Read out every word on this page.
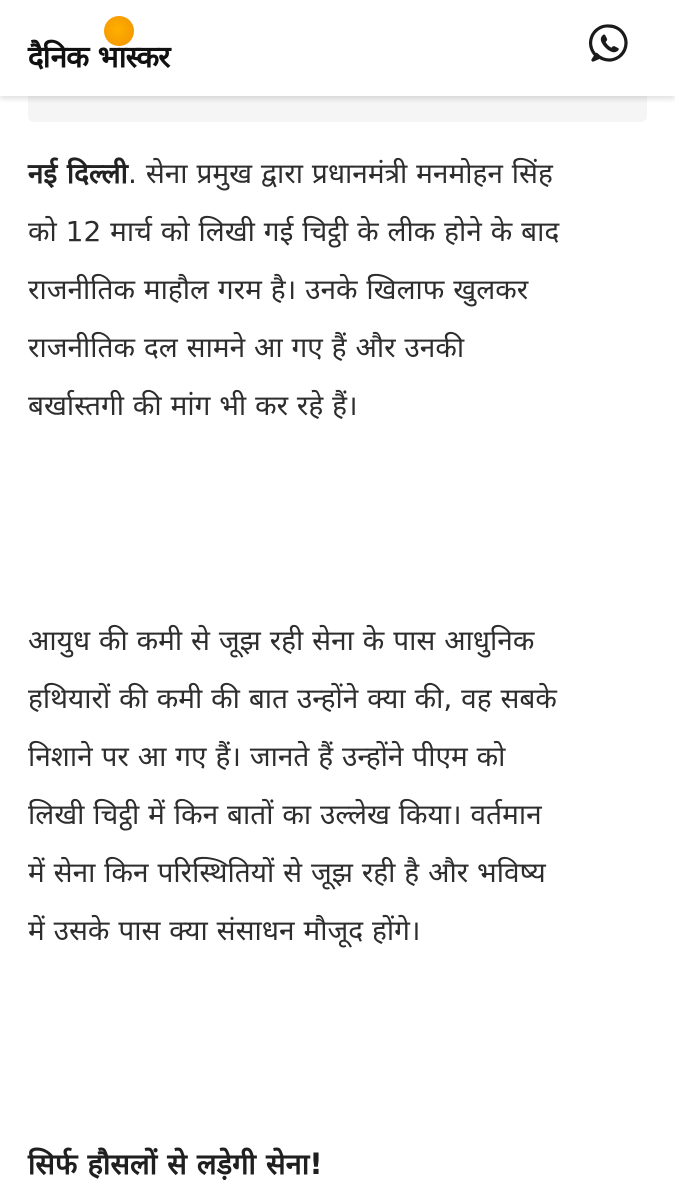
दैनिक भास्कर

नई दिल्ली. सेना प्रमुख द्वारा प्रधानमंत्री मनमोहन सिंह
को 12 मार्च को लिखी गई चिट्ठी के लीक होने के बाद
राजनीतिक माहौल गरम है। उनके खिलाफ खुलकर
राजनीतिक दल सामने आ गए हैं और उनकी
बर्खास्तगी की मांग भी कर रहे हैं।

आयुध की कमी से जूझ रही सेना के पास आधुनिक
हथियारों की कमी की बात उन्होंने क्या की, वह सबके
निशाने पर आ गए हैं। जानते हैं उन्होंने पीएम को
लिखी चिट्ठी में किन बातों का उल्लेख किया। वर्तमान
में सेना किन परिस्थितियों से जूझ रही है और भविष्य
में उसके पास क्या संसाधन मौजूद होंगे।

सिर्फ हौसलों से लड़ेगी सेना!
